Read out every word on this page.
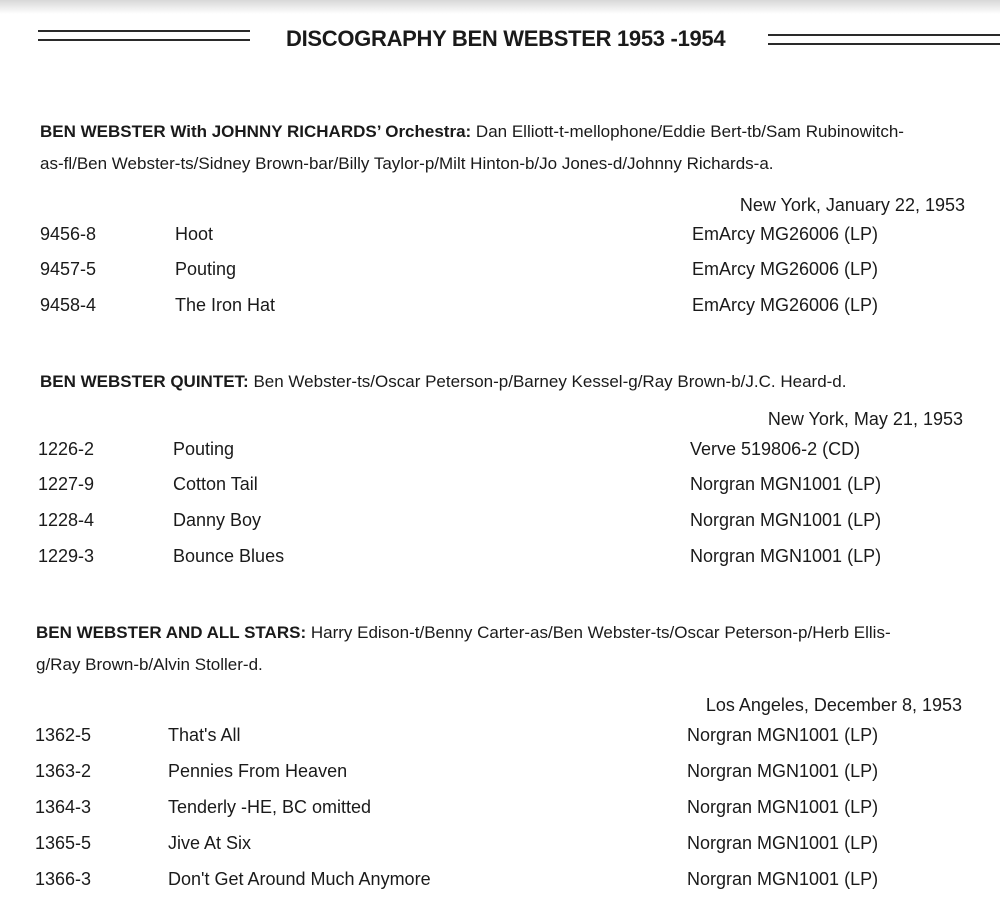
DISCOGRAPHY BEN WEBSTER 1953 -1954
BEN WEBSTER With JOHNNY RICHARDS’ Orchestra: Dan Elliott-t-mellophone/Eddie Bert-tb/Sam Rubinowitch-
as-fl/Ben Webster-ts/Sidney Brown-bar/Billy Taylor-p/Milt Hinton-b/Jo Jones-d/Johnny Richards-a.
New York, January 22, 1953
9456-8	Hoot	EmArcy MG26006 (LP)
9457-5	Pouting	EmArcy MG26006 (LP)
9458-4	The Iron Hat	EmArcy MG26006 (LP)
BEN WEBSTER QUINTET: Ben Webster-ts/Oscar Peterson-p/Barney Kessel-g/Ray Brown-b/J.C. Heard-d.
New York, May 21, 1953
1226-2	Pouting	Verve 519806-2 (CD)
1227-9	Cotton Tail	Norgran MGN1001 (LP)
1228-4	Danny Boy	Norgran MGN1001 (LP)
1229-3	Bounce Blues	Norgran MGN1001 (LP)
BEN WEBSTER AND ALL STARS: Harry Edison-t/Benny Carter-as/Ben Webster-ts/Oscar Peterson-p/Herb Ellis-
g/Ray Brown-b/Alvin Stoller-d.
Los Angeles, December 8, 1953
1362-5	That's All	Norgran MGN1001 (LP)
1363-2	Pennies From Heaven	Norgran MGN1001 (LP)
1364-3	Tenderly -HE, BC omitted	Norgran MGN1001 (LP)
1365-5	Jive At Six	Norgran MGN1001 (LP)
1366-3	Don't Get Around Much Anymore	Norgran MGN1001 (LP)
